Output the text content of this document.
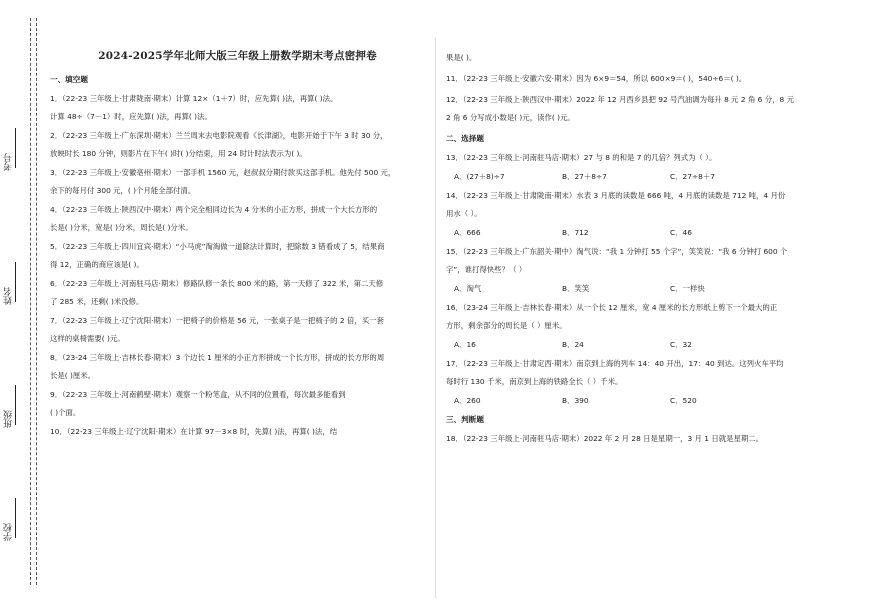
考号
姓名
班级
学校
2024-2025学年北师大版三年级上册数学期末考点密押卷
一、填空题
1．（22-23 三年级上·甘肃陇南·期末）计算 12×（1＋7）时，应先算( )法，再算( )法。
计算 48÷（7－1）时，应先算( )法，再算( )法。
2．（22-23 三年级上·广东深圳·期末）兰兰周末去电影院观看《长津湖》，电影开始于下午 3 时 30 分，
放映时长 180 分钟，则影片在下午( )时( )分结束，用 24 时计时法表示为( )。
3．（22-23 三年级上·安徽亳州·期末）一部手机 1560 元，赵叔叔分期付款买这部手机。他先付 500 元，
余下的每月付 300 元，( )个月能全部付清。
4．（22-23 三年级上·陕西汉中·期末）两个完全相同边长为 4 分米的小正方形，拼成一个大长方形的
长是( )分米，宽是( )分米，周长是( )分米。
5．（22-23 三年级上·四川宜宾·期末）“小马虎”淘淘做一道除法计算时，把除数 3 错看成了 5，结果商
得 12，正确的商应该是( )。
6．（22-23 三年级上·河南驻马店·期末）修路队修一条长 800 米的路，第一天修了 322 米，第二天修
了 285 米，还剩( )米没修。
7．（22-23 三年级上·辽宁沈阳·期末）一把椅子的价格是 56 元，一张桌子是一把椅子的 2 倍，买一套
这样的桌椅需要( )元。
8．（23-24 三年级上·吉林长春·期末）3 个边长 1 厘米的小正方形拼成一个长方形，拼成的长方形的周
长是( )厘米。
9．（22-23 三年级上·河南鹤壁·期末）观察一个粉笔盒，从不同的位置看，每次最多能看到
( )个面。
10．（22-23 三年级上·辽宁沈阳·期末）在计算 97－3×8 时，先算( )法，再算( )法，结
果是( )。
11．（22-23 三年级上·安徽六安·期末）因为 6×9＝54，所以 600×9＝( )，540÷6＝( )。
12．（22-23 三年级上·陕西汉中·期末）2022 年 12 月西乡县把 92 号汽油调为每升 8 元 2 角 6 分，8 元
2 角 6 分写成小数是( )元，读作( )元。
二、选择题
13．（22-23 三年级上·河南驻马店·期末）27 与 8 的和是 7 的几倍？列式为（ ）。
A．(27＋8)÷7	B．27＋8÷7	C．27÷8＋7
14．（22-23 三年级上·甘肃陇南·期末）水表 3 月底的读数是 666 吨，4 月底的读数是 712 吨，4 月份
用水（ ）。
A．666	B．712	C．46
15．（22-23 三年级上·广东韶关·期中）淘气说：“我 1 分钟打 55 个字”，笑笑说：“我 6 分钟打 600 个
字”，谁打得快些？（ ）
A．淘气	B．笑笑	C．一样快
16．（23-24 三年级上·吉林长春·期末）从一个长 12 厘米，宽 4 厘米的长方形纸上剪下一个最大的正
方形，剩余部分的周长是（ ）厘米。
A．16	B．24	C．32
17．（22-23 三年级上·甘肃定西·期末）南京到上海的列车 14：40 开出，17：40 到达。这列火车平均
每时行 130 千米，南京到上海的铁路全长（ ）千米。
A．260	B．390	C．520
三、判断题
18．（22-23 三年级上·河南驻马店·期末）2022 年 2 月 28 日是星期一，3 月 1 日就是星期二。
